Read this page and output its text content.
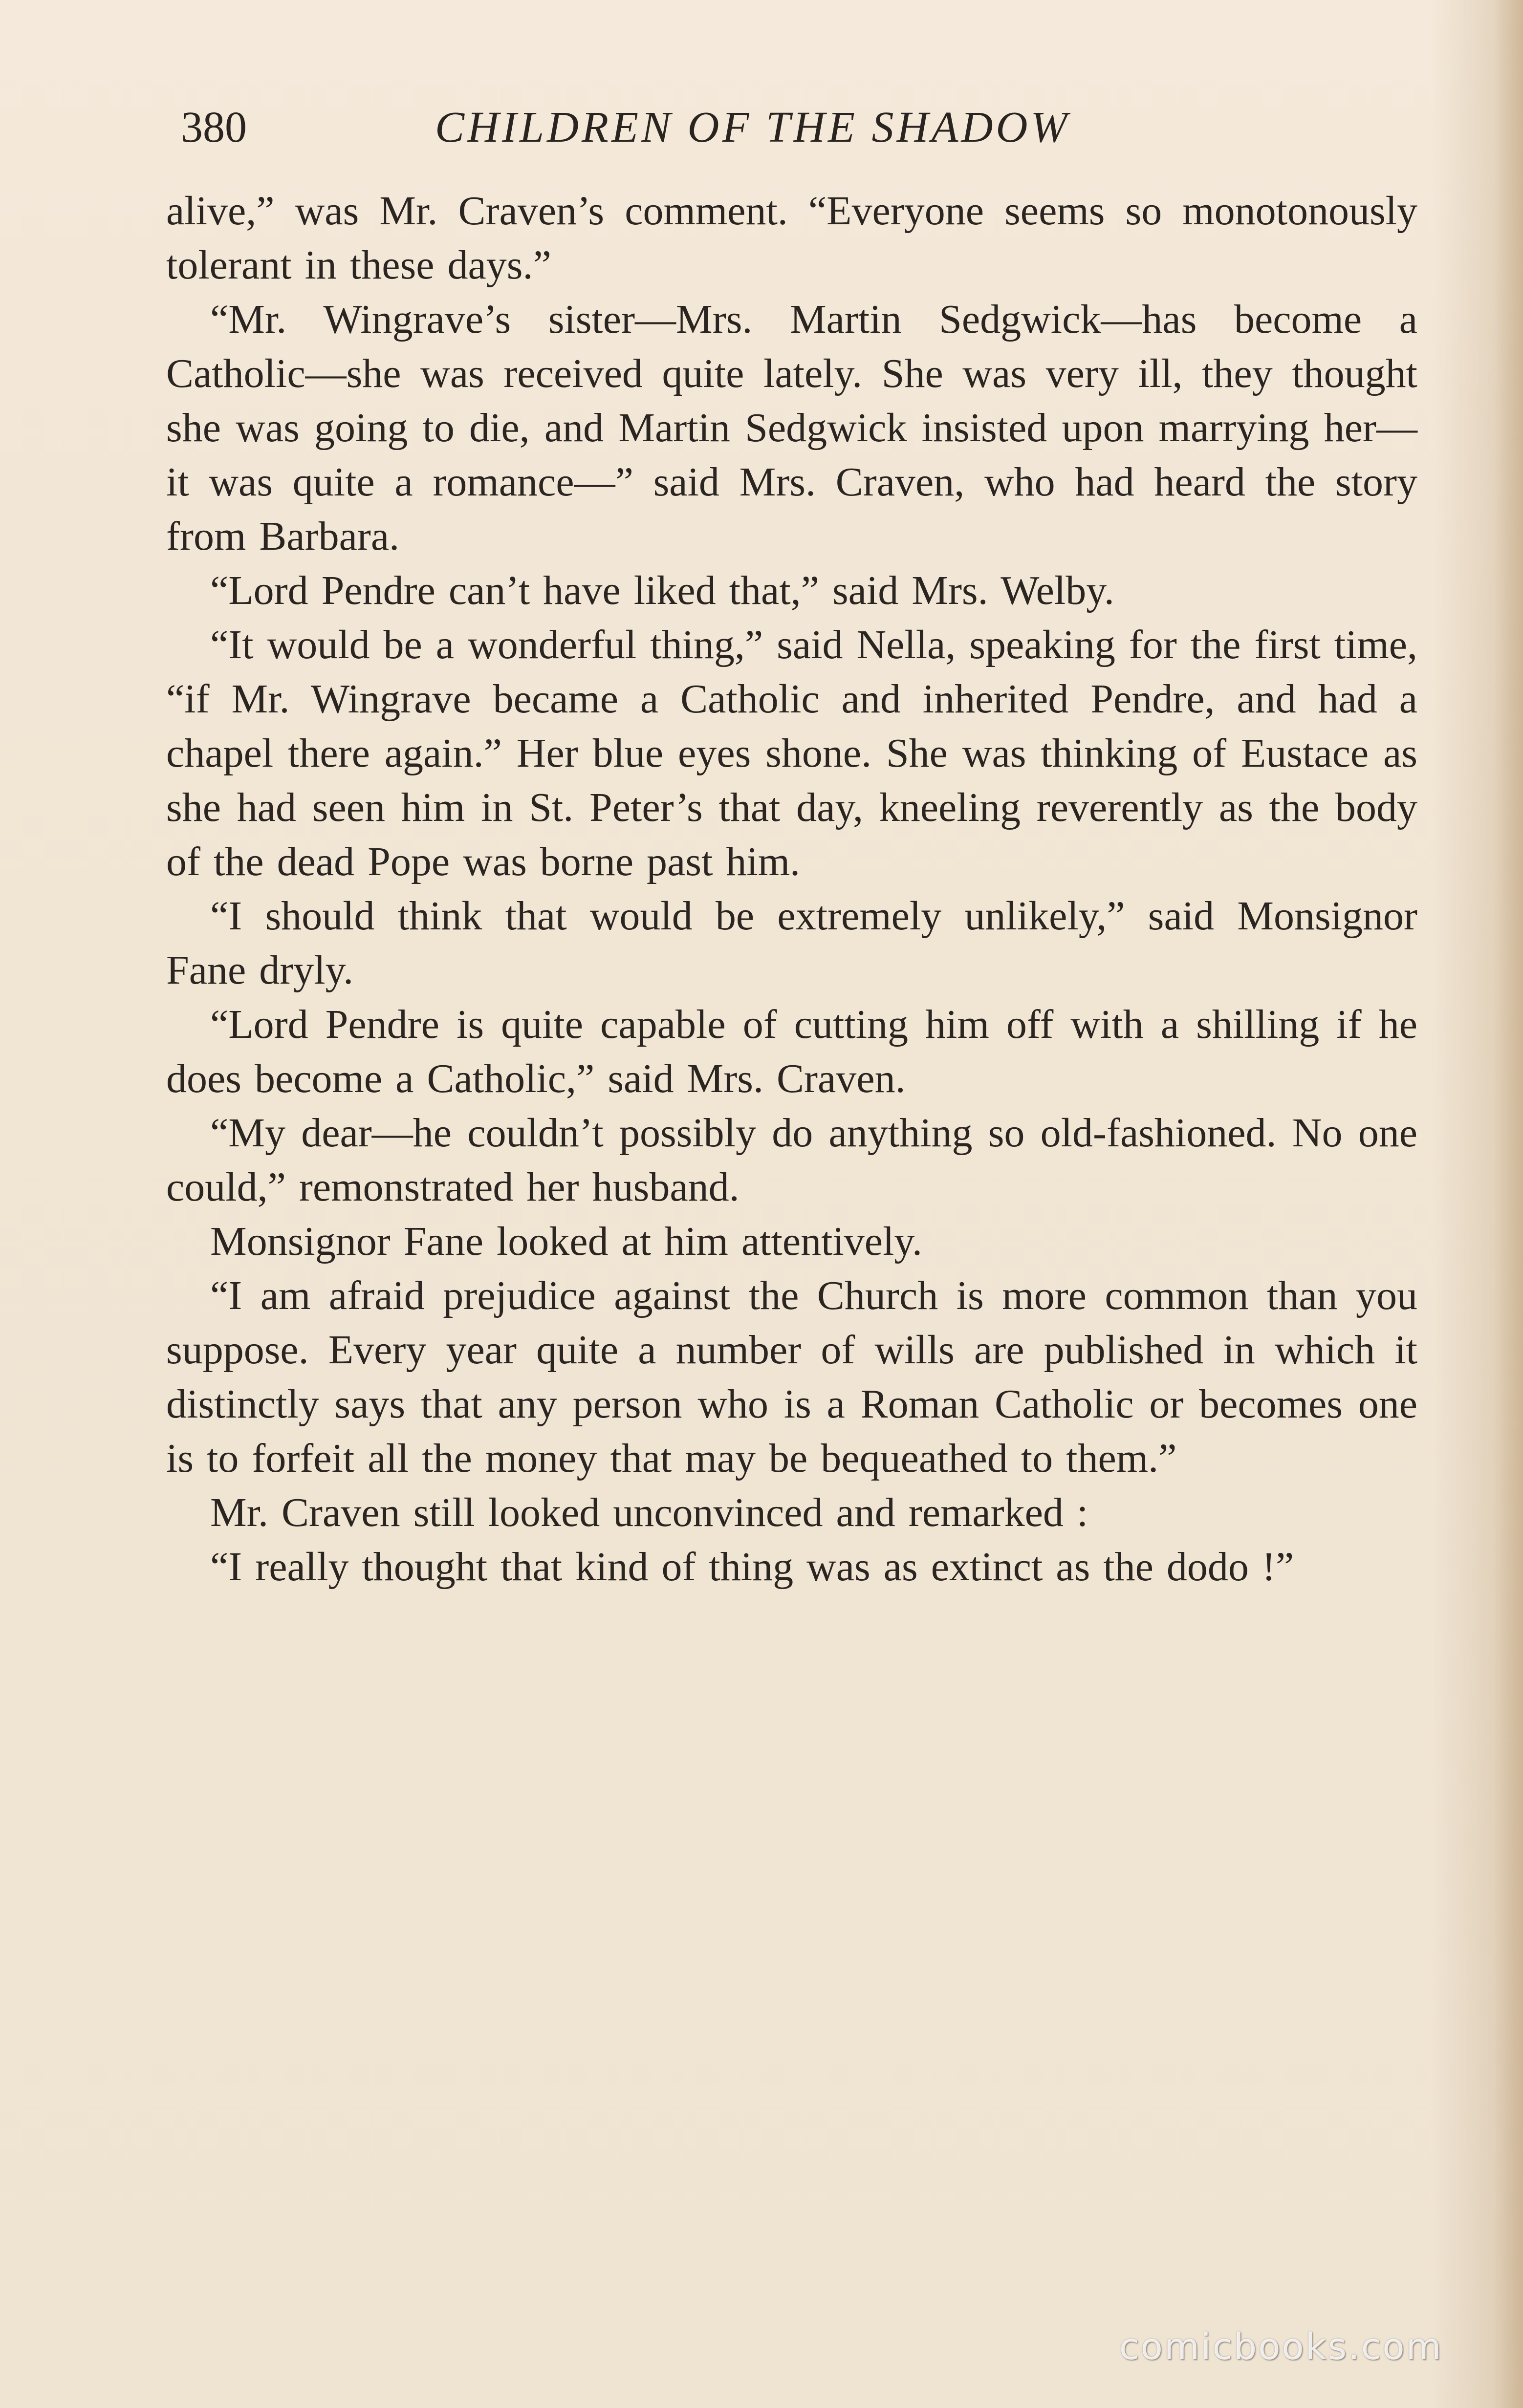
380	CHILDREN OF THE SHADOW

alive,” was Mr. Craven’s comment. “Everyone seems so monotonously tolerant in these days.”

“Mr. Wingrave’s sister—Mrs. Martin Sedgwick—has become a Catholic—she was received quite lately. She was very ill, they thought she was going to die, and Martin Sedgwick insisted upon marrying her—it was quite a romance—” said Mrs. Craven, who had heard the story from Barbara.

“Lord Pendre can’t have liked that,” said Mrs. Welby.

“It would be a wonderful thing,” said Nella, speaking for the first time, “if Mr. Wingrave became a Catholic and inherited Pendre, and had a chapel there again.” Her blue eyes shone. She was thinking of Eustace as she had seen him in St. Peter’s that day, kneeling reverently as the body of the dead Pope was borne past him.

“I should think that would be extremely unlikely,” said Monsignor Fane dryly.

“Lord Pendre is quite capable of cutting him off with a shilling if he does become a Catholic,” said Mrs. Craven.

“My dear—he couldn’t possibly do anything so old-fashioned. No one could,” remonstrated her husband.

Monsignor Fane looked at him attentively.

“I am afraid prejudice against the Church is more common than you suppose. Every year quite a number of wills are published in which it distinctly says that any person who is a Roman Catholic or becomes one is to forfeit all the money that may be bequeathed to them.”

Mr. Craven still looked unconvinced and remarked :

“I really thought that kind of thing was as extinct as the dodo !”

comicbooks.com
